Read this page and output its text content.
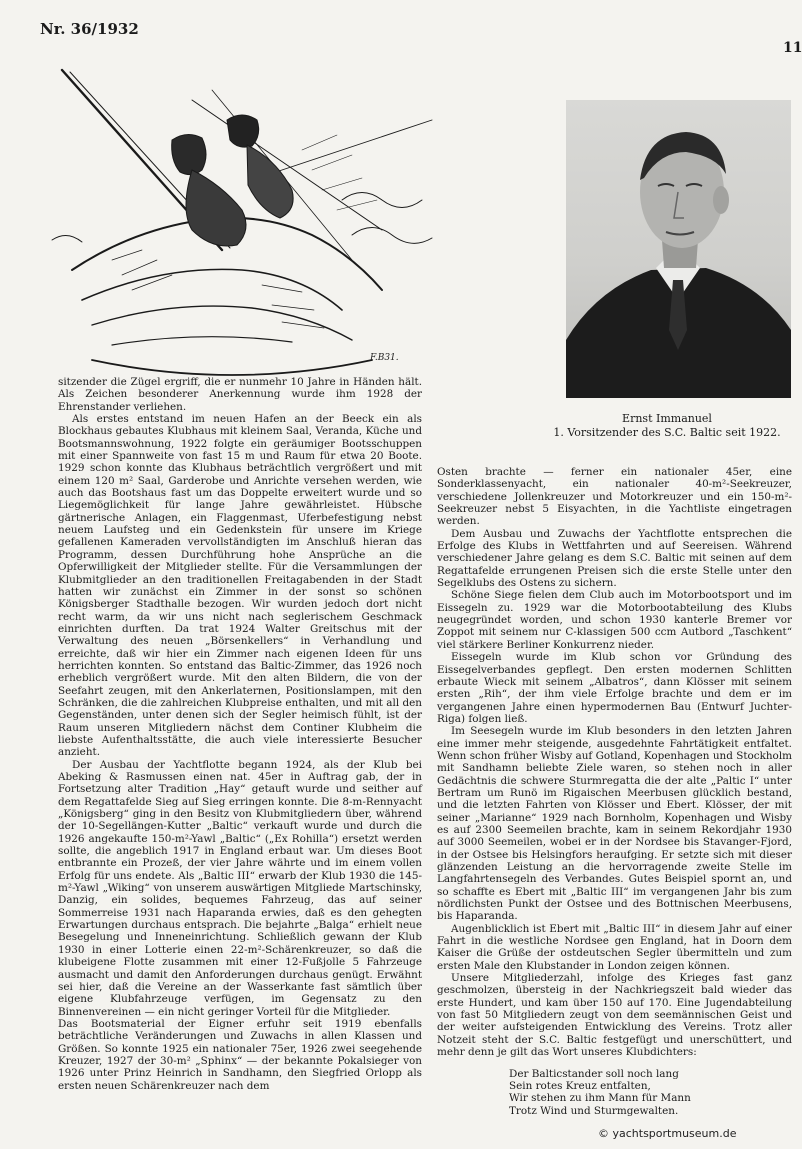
Nr. 36/1932
11
F.B31.
Ernst Immanuel
1. Vorsitzender des S.C. Baltic seit 1922.

sitzender die Zügel ergriff, die er nunmehr 10 Jahre in Händen hält. Als Zeichen besonderer Anerkennung wurde ihm 1928 der Ehrenstander verliehen.

Als erstes entstand im neuen Hafen an der Beeck ein als Blockhaus gebautes Klubhaus mit kleinem Saal, Veranda, Küche und Bootsmannswohnung, 1922 folgte ein geräumiger Bootsschuppen mit einer Spannweite von fast 15 m und Raum für etwa 20 Boote. 1929 schon konnte das Klubhaus beträchtlich vergrößert und mit einem 120 m² Saal, Garderobe und Anrichte versehen werden, wie auch das Bootshaus fast um das Doppelte erweitert wurde und so Liegemöglichkeit für lange Jahre gewährleistet. Hübsche gärtnerische Anlagen, ein Flaggenmast, Uferbefestigung nebst neuem Laufsteg und ein Gedenkstein für unsere im Kriege gefallenen Kameraden vervollständigten im Anschluß hieran das Programm, dessen Durchführung hohe Ansprüche an die Opferwilligkeit der Mitglieder stellte. Für die Versammlungen der Klubmitglieder an den traditionellen Freitagabenden in der Stadt hatten wir zunächst ein Zimmer in der sonst so schönen Königsberger Stadthalle bezogen. Wir wurden jedoch dort nicht recht warm, da wir uns nicht nach seglerischem Geschmack einrichten durften. Da trat 1924 Walter Greitschus mit der Verwaltung des neuen „Börsenkellers“ in Verhandlung und erreichte, daß wir hier ein Zimmer nach eigenen Ideen für uns herrichten konnten. So entstand das Baltic-Zimmer, das 1926 noch erheblich vergrößert wurde. Mit den alten Bildern, die von der Seefahrt zeugen, mit den Ankerlaternen, Positionslampen, mit den Schränken, die die zahlreichen Klubpreise enthalten, und mit all den Gegenständen, unter denen sich der Segler heimisch fühlt, ist der Raum unseren Mitgliedern nächst dem Continer Klubheim die liebste Aufenthaltsstätte, die auch viele interessierte Besucher anzieht.

Der Ausbau der Yachtflotte begann 1924, als der Klub bei Abeking & Rasmussen einen nat. 45er in Auftrag gab, der in Fortsetzung alter Tradition „Hay“ getauft wurde und seither auf dem Regattafelde Sieg auf Sieg erringen konnte. Die 8-m-Rennyacht „Königsberg“ ging in den Besitz von Klubmitgliedern über, während der 10-Segellängen-Kutter „Baltic“ verkauft wurde und durch die 1926 angekaufte 150-m²-Yawl „Baltic“ („Ex Rohilla“) ersetzt werden sollte, die angeblich 1917 in England erbaut war. Um dieses Boot entbrannte ein Prozeß, der vier Jahre währte und im einem vollen Erfolg für uns endete. Als „Baltic III“ erwarb der Klub 1930 die 145-m²-Yawl „Wiking“ von unserem auswärtigen Mitgliede Martschinsky, Danzig, ein solides, bequemes Fahrzeug, das auf seiner Sommerreise 1931 nach Haparanda erwies, daß es den gehegten Erwartungen durchaus entsprach. Die bejahrte „Balga“ erhielt neue Besegelung und Inneneinrichtung. Schließlich gewann der Klub 1930 in einer Lotterie einen 22-m²-Schärenkreuzer, so daß die klubeigene Flotte zusammen mit einer 12-Fußjolle 5 Fahrzeuge ausmacht und damit den Anforderungen durchaus genügt. Erwähnt sei hier, daß die Vereine an der Wasserkante fast sämtlich über eigene Klubfahrzeuge verfügen, im Gegensatz zu den Binnenvereinen — ein nicht geringer Vorteil für die Mitglieder.

Das Bootsmaterial der Eigner erfuhr seit 1919 ebenfalls beträchtliche Veränderungen und Zuwachs in allen Klassen und Größen. So konnte 1925 ein nationaler 75er, 1926 zwei seegehende Kreuzer, 1927 der 30-m² „Sphinx“ — der bekannte Pokalsieger von 1926 unter Prinz Heinrich in Sandhamn, den Siegfried Orlopp als ersten neuen Schärenkreuzer nach dem

Osten brachte — ferner ein nationaler 45er, eine Sonderklassenyacht, ein nationaler 40-m²-Seekreuzer, verschiedene Jollenkreuzer und Motorkreuzer und ein 150-m²-Seekreuzer nebst 5 Eisyachten, in die Yachtliste eingetragen werden.

Dem Ausbau und Zuwachs der Yachtflotte entsprechen die Erfolge des Klubs in Wettfahrten und auf Seereisen. Während verschiedener Jahre gelang es dem S.C. Baltic mit seinen auf dem Regattafelde errungenen Preisen sich die erste Stelle unter den Segelklubs des Ostens zu sichern.

Schöne Siege fielen dem Club auch im Motorbootsport und im Eissegeln zu. 1929 war die Motorbootabteilung des Klubs neugegründet worden, und schon 1930 kanterle Bremer vor Zoppot mit seinem nur C-klassigen 500 ccm Autbord „Taschkent“ viel stärkere Berliner Konkurrenz nieder.

Eissegeln wurde im Klub schon vor Gründung des Eissegelverbandes gepflegt. Den ersten modernen Schlitten erbaute Wieck mit seinem „Albatros“, dann Klösser mit seinem ersten „Rih“, der ihm viele Erfolge brachte und dem er im vergangenen Jahre einen hypermodernen Bau (Entwurf Juchter-Riga) folgen ließ.

Im Seesegeln wurde im Klub besonders in den letzten Jahren eine immer mehr steigende, ausgedehnte Fahrtätigkeit entfaltet. Wenn schon früher Wisby auf Gotland, Kopenhagen und Stockholm mit Sandhamn beliebte Ziele waren, so stehen noch in aller Gedächtnis die schwere Sturmregatta die der alte „Paltic I“ unter Bertram um Runö im Rigaischen Meerbusen glücklich bestand, und die letzten Fahrten von Klösser und Ebert. Klösser, der mit seiner „Marianne“ 1929 nach Bornholm, Kopenhagen und Wisby es auf 2300 Seemeilen brachte, kam in seinem Rekordjahr 1930 auf 3000 Seemeilen, wobei er in der Nordsee bis Stavanger-Fjord, in der Ostsee bis Helsingfors heraufging. Er setzte sich mit dieser glänzenden Leistung an die hervorragende zweite Stelle im Langfahrtensegeln des Verbandes. Gutes Beispiel spornt an, und so schaffte es Ebert mit „Baltic III“ im vergangenen Jahr bis zum nördlichsten Punkt der Ostsee und des Bottnischen Meerbusens, bis Haparanda.

Augenblicklich ist Ebert mit „Baltic III“ in diesem Jahr auf einer Fahrt in die westliche Nordsee gen England, hat in Doorn dem Kaiser die Grüße der ostdeutschen Segler übermitteln und zum ersten Male den Klubstander in London zeigen können.

Unsere Mitgliederzahl, infolge des Krieges fast ganz geschmolzen, übersteig in der Nachkriegszeit bald wieder das erste Hundert, und kam über 150 auf 170. Eine Jugendabteilung von fast 50 Mitgliedern zeugt von dem seemännischen Geist und der weiter aufsteigenden Entwicklung des Vereins. Trotz aller Notzeit steht der S.C. Baltic festgefügt und unerschüttert, und mehr denn je gilt das Wort unseres Klubdichters:

Der Balticstander soll noch lang
Sein rotes Kreuz entfalten,
Wir stehen zu ihm Mann für Mann
Trotz Wind und Sturmgewalten.
© yachtsportmuseum.de
